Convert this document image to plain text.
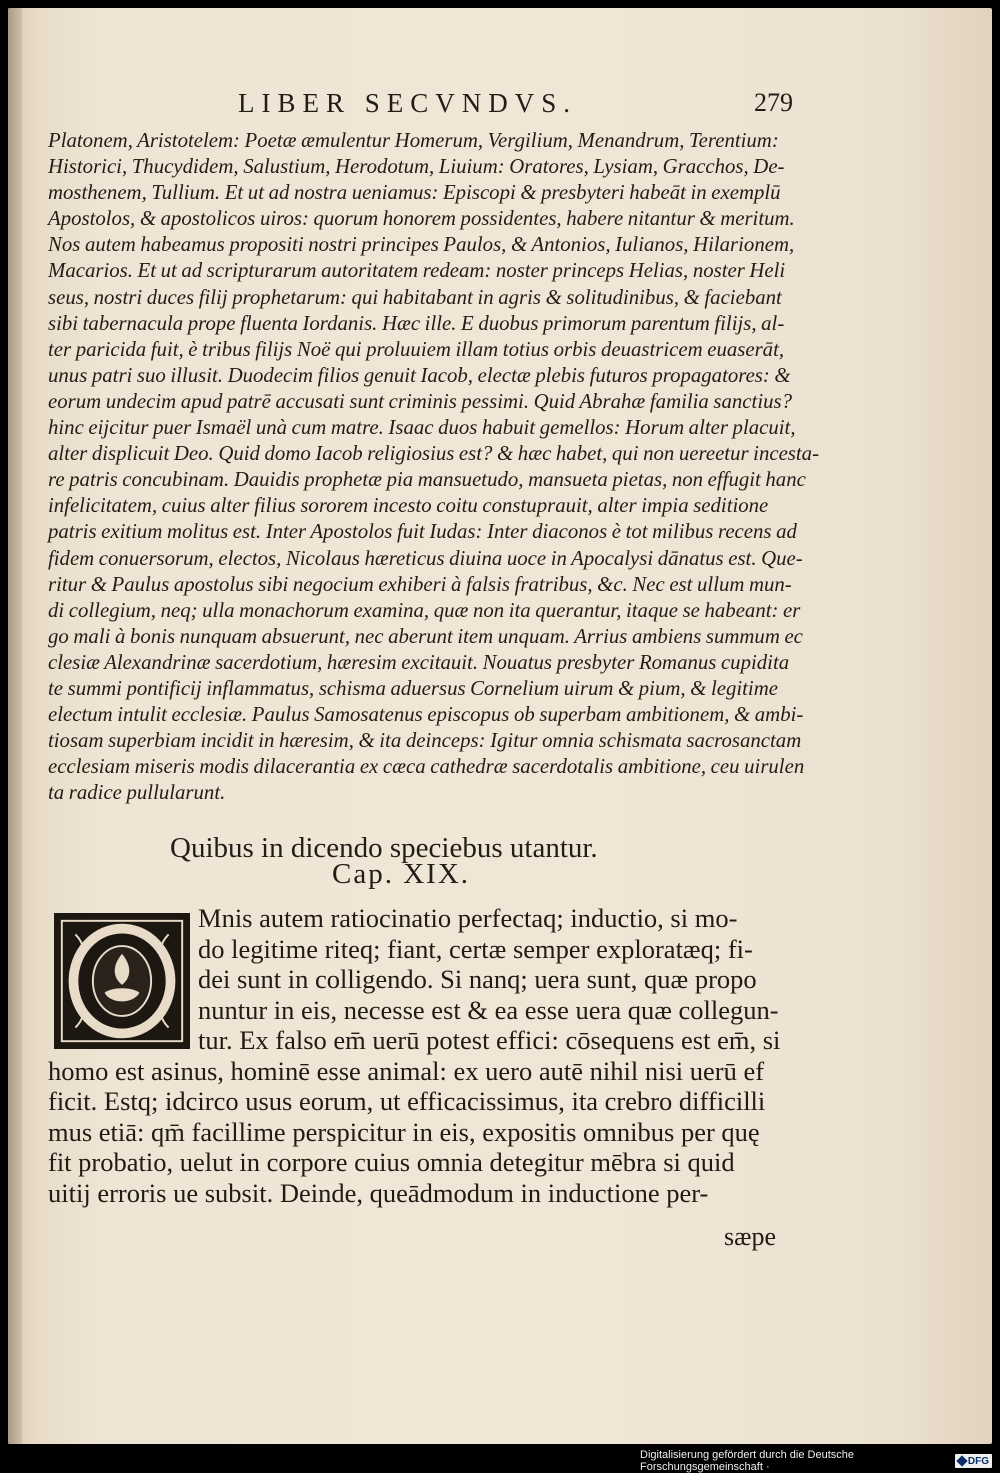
LIBER SECVNDVS.	279
Platonem, Aristotelem: Poetæ æmulentur Homerum, Vergilium, Menandrum, Terentium:
Historici, Thucydidem, Salustium, Herodotum, Liuium: Oratores, Lysiam, Gracchos, De-
mosthenem, Tullium. Et ut ad nostra ueniamus: Episcopi & presbyteri habeāt in exemplū
Apostolos, & apostolicos uiros: quorum honorem possidentes, habere nitantur & meritum.
Nos autem habeamus propositi nostri principes Paulos, & Antonios, Iulianos, Hilarionem,
Macarios. Et ut ad scripturarum autoritatem redeam: noster princeps Helias, noster Heli
seus, nostri duces filij prophetarum: qui habitabant in agris & solitudinibus, & faciebant
sibi tabernacula prope fluenta Iordanis. Hæc ille. E duobus primorum parentum filijs, al-
ter paricida fuit, è tribus filijs Noë qui proluuiem illam totius orbis deuastricem euaserāt,
unus patri suo illusit. Duodecim filios genuit Iacob, electæ plebis futuros propagatores: &
eorum undecim apud patrē accusati sunt criminis pessimi. Quid Abrahæ familia sanctius?
hinc eijcitur puer Ismaël unà cum matre. Isaac duos habuit gemellos: Horum alter placuit,
alter displicuit Deo. Quid domo Iacob religiosius est? & hæc habet, qui non uereetur incesta-
re patris concubinam. Dauidis prophetæ pia mansuetudo, mansueta pietas, non effugit hanc
infelicitatem, cuius alter filius sororem incesto coitu constuprauit, alter impia seditione
patris exitium molitus est. Inter Apostolos fuit Iudas: Inter diaconos è tot milibus recens ad
fidem conuersorum, electos, Nicolaus hæreticus diuina uoce in Apocalysi dānatus est. Que-
ritur & Paulus apostolus sibi negocium exhiberi à falsis fratribus, &c. Nec est ullum mun-
di collegium, neq; ulla monachorum examina, quæ non ita querantur, itaque se habeant: er
go mali à bonis nunquam absuerunt, nec aberunt item unquam. Arrius ambiens summum ec
clesiæ Alexandrinæ sacerdotium, hæresim excitauit. Nouatus presbyter Romanus cupidita
te summi pontificij inflammatus, schisma aduersus Cornelium uirum & pium, & legitime
electum intulit ecclesiæ. Paulus Samosatenus episcopus ob superbam ambitionem, & ambi-
tiosam superbiam incidit in hæresim, & ita deinceps: Igitur omnia schismata sacrosanctam
ecclesiam miseris modis dilacerantia ex cæca cathedræ sacerdotalis ambitione, ceu uirulen
ta radice pullularunt.
Quibus in dicendo speciebus utantur.
Cap. XIX.
Mnis autem ratiocinatio perfectaq; inductio, si mo-
do legitime riteq; fiant, certæ semper exploratæq; fi-
dei sunt in colligendo. Si nanq; uera sunt, quæ propo
nuntur in eis, necesse est & ea esse uera quæ collegun-
tur. Ex falso em̄ uerū potest effici: cōsequens est em̄, si
homo est asinus, hominē esse animal: ex uero autē nihil nisi uerū ef
ficit. Estq; idcirco usus eorum, ut efficacissimus, ita crebro difficilli
mus etiā: qm̄ facillime perspicitur in eis, expositis omnibus per quę
fit probatio, uelut in corpore cuius omnia detegitur mēbra si quid
uitij erroris ue subsit. Deinde, queādmodum in inductione per-
sæpe
Digitalisierung gefördert durch die Deutsche Forschungsgemeinschaft ·	DFG
